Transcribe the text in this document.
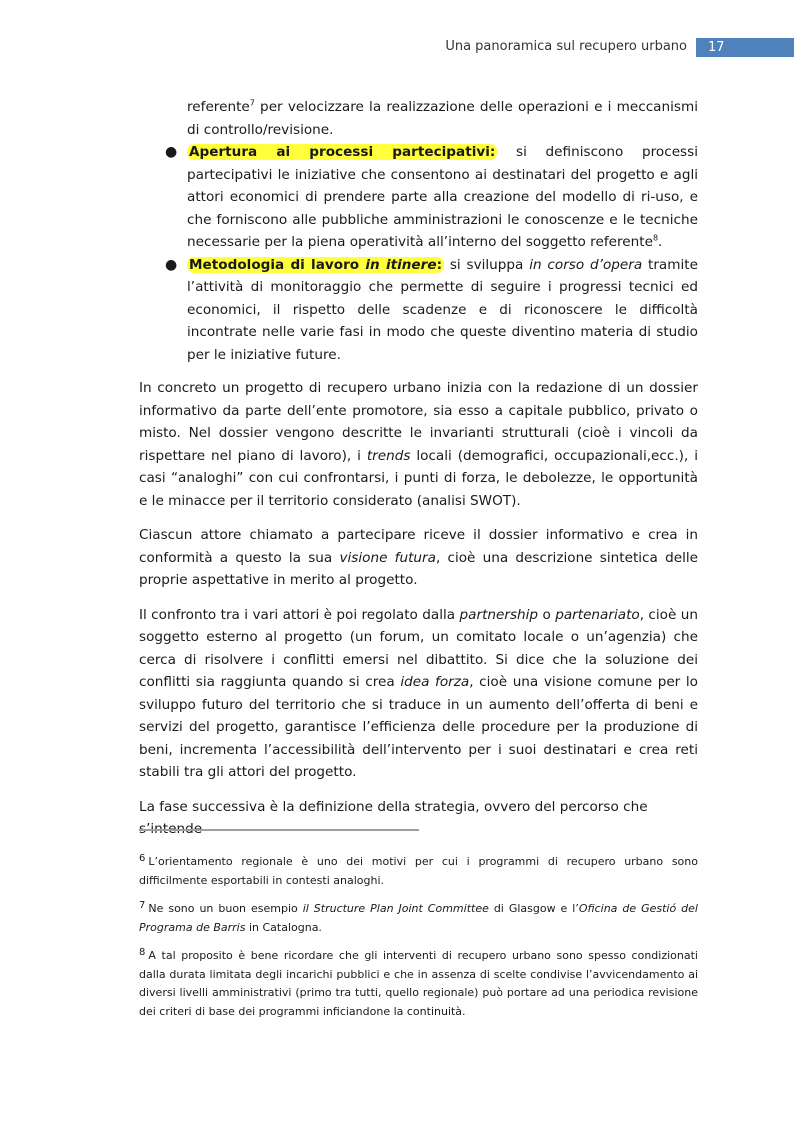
Una panoramica sul recupero urbano	17

referente$^7$ per velocizzare la realizzazione delle operazioni e i meccanismi di controllo/revisione.

● Apertura ai processi partecipativi: si definiscono processi partecipativi le iniziative che consentono ai destinatari del progetto e agli attori economici di prendere parte alla creazione del modello di ri-uso, e che forniscono alle pubbliche amministrazioni le conoscenze e le tecniche necessarie per la piena operatività all’interno del soggetto referente$^8$.
● Metodologia di lavoro in itinere: si sviluppa in corso d’opera tramite l’attività di monitoraggio che permette di seguire i progressi tecnici ed economici, il rispetto delle scadenze e di riconoscere le difficoltà incontrate nelle varie fasi in modo che queste diventino materia di studio per le iniziative future.

In concreto un progetto di recupero urbano inizia con la redazione di un dossier informativo da parte dell’ente promotore, sia esso a capitale pubblico, privato o misto. Nel dossier vengono descritte le invarianti strutturali (cioè i vincoli da rispettare nel piano di lavoro), i trends locali (demografici, occupazionali,ecc.), i casi “analoghi” con cui confrontarsi, i punti di forza, le debolezze, le opportunità e le minacce per il territorio considerato (analisi SWOT).

Ciascun attore chiamato a partecipare riceve il dossier informativo e crea in conformità a questo la sua visione futura, cioè una descrizione sintetica delle proprie aspettative in merito al progetto.

Il confronto tra i vari attori è poi regolato dalla partnership o partenariato, cioè un soggetto esterno al progetto (un forum, un comitato locale o un’agenzia) che cerca di risolvere i conflitti emersi nel dibattito. Si dice che la soluzione dei conflitti sia raggiunta quando si crea idea forza, cioè una visione comune per lo sviluppo futuro del territorio che si traduce in un aumento dell’offerta di beni e servizi del progetto, garantisce l’efficienza delle procedure per la produzione di beni, incrementa l’accessibilità dell’intervento per i suoi destinatari e crea reti stabili tra gli attori del progetto.

La fase successiva è la definizione della strategia, ovvero del percorso che s’intende

6 L’orientamento regionale è uno dei motivi per cui i programmi di recupero urbano sono difficilmente esportabili in contesti analoghi.

7 Ne sono un buon esempio il Structure Plan Joint Committee di Glasgow e l’Oficina de Gestió del Programa de Barris in Catalogna.

8 A tal proposito è bene ricordare che gli interventi di recupero urbano sono spesso condizionati dalla durata limitata degli incarichi pubblici e che in assenza di scelte condivise l’avvicendamento ai diversi livelli amministrativi (primo tra tutti, quello regionale) può portare ad una periodica revisione dei criteri di base dei programmi inficiandone la continuità.
